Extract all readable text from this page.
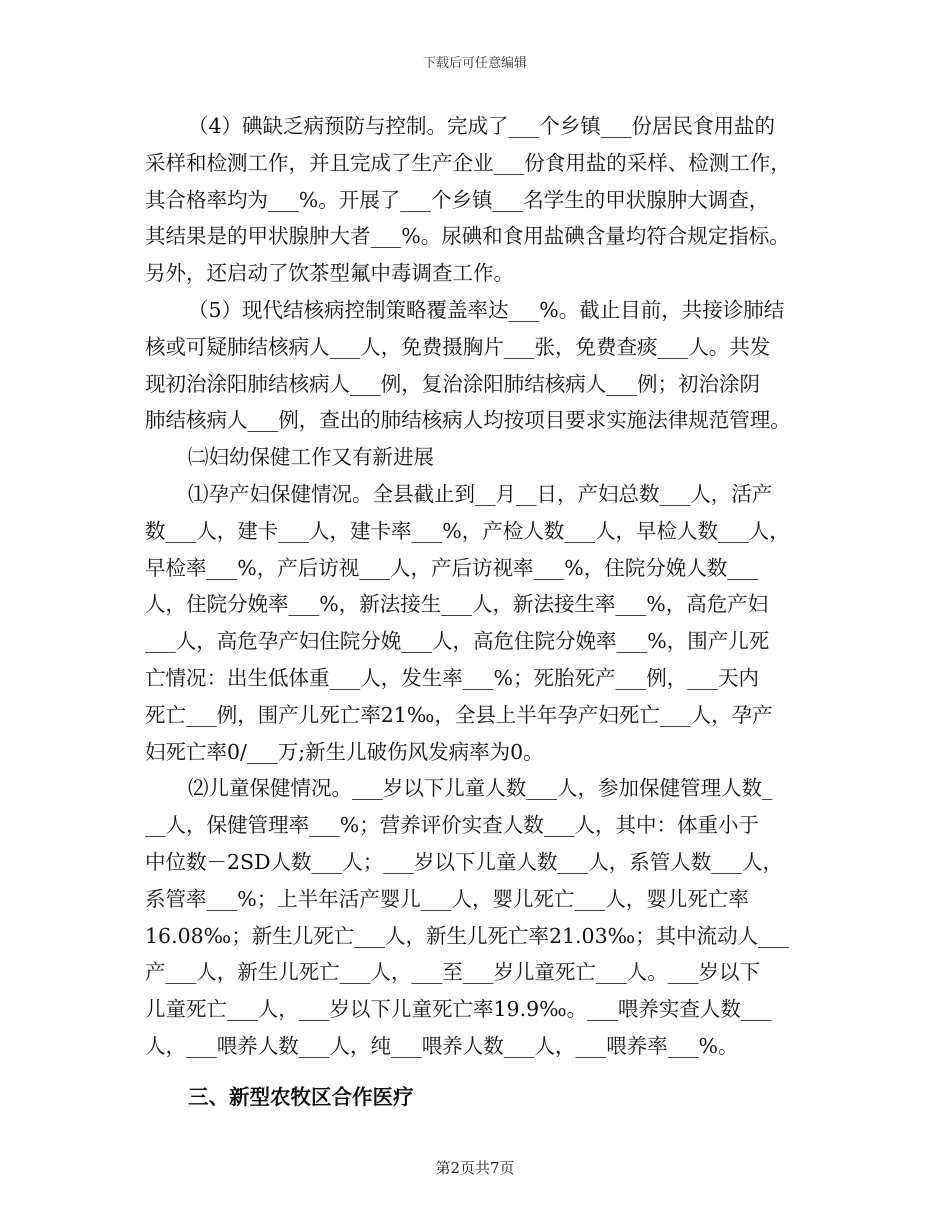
下载后可任意编辑
（4）碘缺乏病预防与控制。完成了___个乡镇___份居民食用盐的
采样和检测工作，并且完成了生产企业___份食用盐的采样、检测工作，
其合格率均为___%。开展了___个乡镇___名学生的甲状腺肿大调查，
其结果是的甲状腺肿大者___%。尿碘和食用盐碘含量均符合规定指标。
另外，还启动了饮茶型氟中毒调查工作。
（5）现代结核病控制策略覆盖率达___%。截止目前，共接诊肺结
核或可疑肺结核病人___人，免费摄胸片___张，免费查痰___人。共发
现初治涂阳肺结核病人___例，复治涂阳肺结核病人___例；初治涂阴
肺结核病人___例，查出的肺结核病人均按项目要求实施法律规范管理。
㈡妇幼保健工作又有新进展
⑴孕产妇保健情况。全县截止到__月__日，产妇总数___人，活产
数___人，建卡___人，建卡率___%，产检人数___人，早检人数___人，
早检率___%，产后访视___人，产后访视率___%，住院分娩人数___
人，住院分娩率___%，新法接生___人，新法接生率___%，高危产妇
___人，高危孕产妇住院分娩___人，高危住院分娩率___%，围产儿死
亡情况：出生低体重___人，发生率___%；死胎死产___例，___天内
死亡___例，围产儿死亡率21‰，全县上半年孕产妇死亡___人，孕产
妇死亡率0/___万;新生儿破伤风发病率为0。
⑵儿童保健情况。___岁以下儿童人数___人，参加保健管理人数_
__人，保健管理率___%；营养评价实查人数___人，其中：体重小于
中位数－2SD人数___人；___岁以下儿童人数___人，系管人数___人，
系管率___%；上半年活产婴儿___人，婴儿死亡___人，婴儿死亡率
16.08‰；新生儿死亡___人，新生儿死亡率21.03‰；其中流动人___
产___人，新生儿死亡___人，___至___岁儿童死亡___人。___岁以下
儿童死亡___人，___岁以下儿童死亡率19.9‰。___喂养实查人数___
人，___喂养人数___人，纯___喂养人数___人，___喂养率___%。
三、新型农牧区合作医疗
第2页共7页
